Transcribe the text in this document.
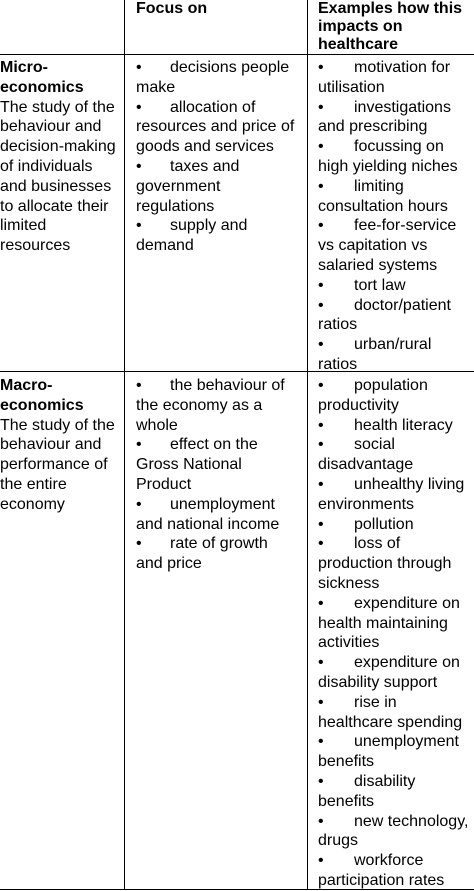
Focus on	Examples how this impacts on healthcare
Micro-economics
The study of the behaviour and decision-making of individuals and businesses to allocate their limited resources
• decisions people make
• allocation of resources and price of goods and services
• taxes and government regulations
• supply and demand
• motivation for utilisation
• investigations and prescribing
• focussing on high yielding niches
• limiting consultation hours
• fee-for-service vs capitation vs salaried systems
• tort law
• doctor/patient ratios
• urban/rural ratios
Macro-economics
The study of the behaviour and performance of the entire economy
• the behaviour of the economy as a whole
• effect on the Gross National Product
• unemployment and national income
• rate of growth and price
• population productivity
• health literacy
• social disadvantage
• unhealthy living environments
• pollution
• loss of production through sickness
• expenditure on health maintaining activities
• expenditure on disability support
• rise in healthcare spending
• unemployment benefits
• disability benefits
• new technology, drugs
• workforce participation rates
